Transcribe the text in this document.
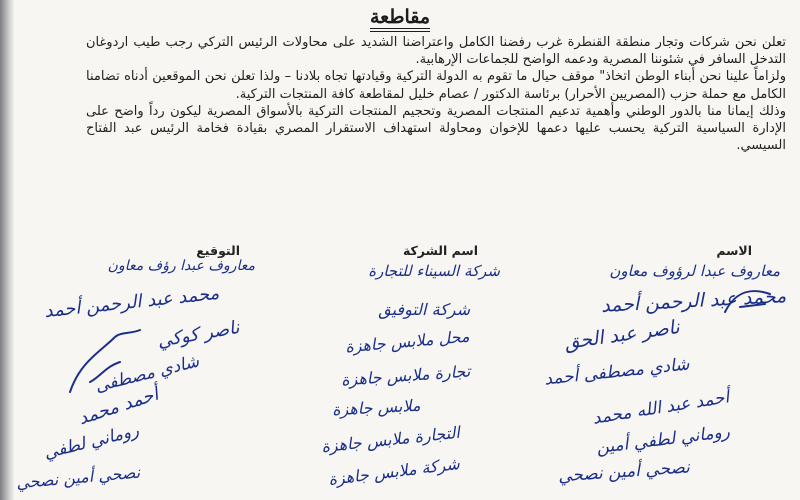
مقاطعة

تعلن نحن شركات وتجار منطقة القنطرة غرب رفضنا الكامل واعتراضنا الشديد على محاولات الرئيس التركي رجب طيب اردوغان التدخل السافر في شئوننا المصرية ودعمه الواضح للجماعات الإرهابية.

ولزاماً علينا نحن أبناء الوطن اتخاذ" موقف حيال ما تقوم به الدولة التركية وقيادتها تجاه بلادنا – ولذا تعلن نحن الموقعين أدناه تضامنا الكامل مع حملة حزب (المصريين الأحرار) برئاسة الدكتور / عصام خليل لمقاطعة كافة المنتجات التركية.

وذلك إيمانا منا بالدور الوطني وأهمية تدعيم المنتجات المصرية وتحجيم المنتجات التركية بالأسواق المصرية ليكون رداً واضح على الإدارة السياسية التركية يحسب عليها دعمها للإخوان ومحاولة استهداف الاستقرار المصري بقيادة فخامة الرئيس عبد الفتاح السيسي.

الاسم
اسم الشركة
التوقيع
معاروف عبدا لرؤوف معاون
شركة السيناء للتجارة
معاروف عبدا رؤف معاون
محمد عبد الرحمن أحمد
شركة التوفيق
محمد عبد الرحمن أحمد
ناصر عبد الحق
محل ملابس جاهزة
ناصر كوكي
شادي مصطفى أحمد
تجارة ملابس جاهزة
شادي مصطفى
أحمد عبد الله محمد
ملابس جاهزة
أحمد محمد
روماني لطفي أمين
التجارة ملابس جاهزة
روماني لطفي
نصحي أمين نصحي
شركة ملابس جاهزة
نصحي أمين نصحي
